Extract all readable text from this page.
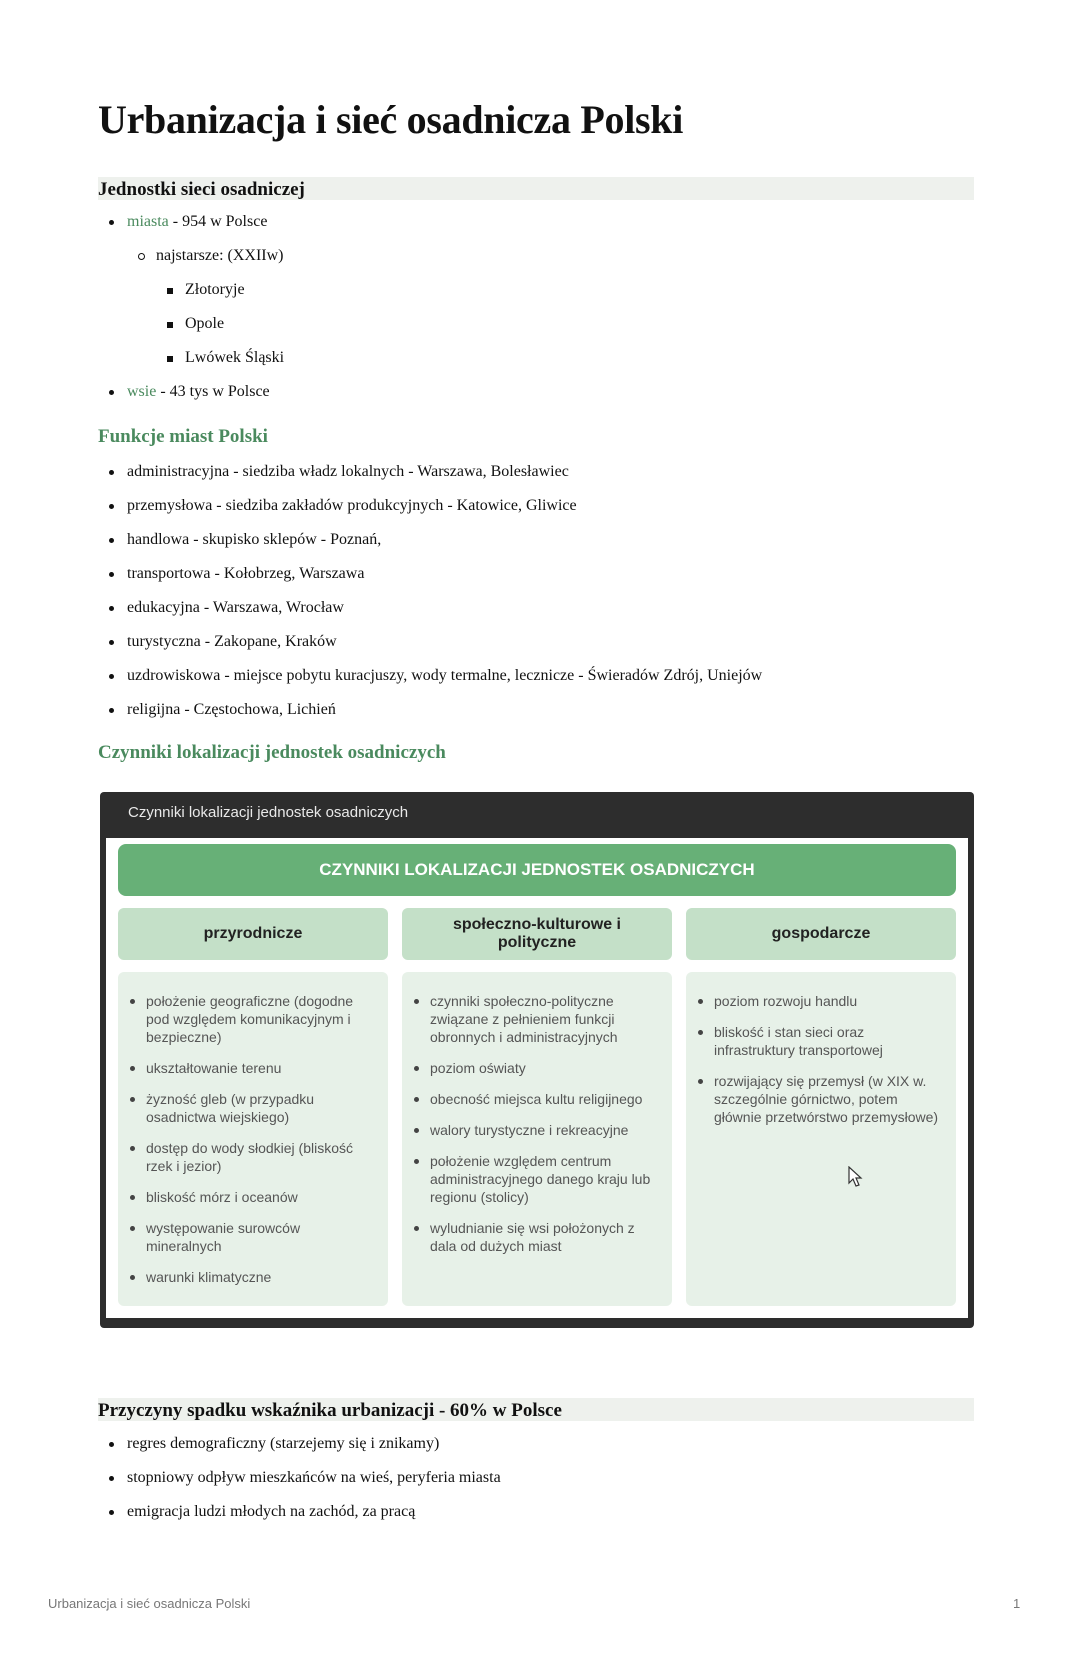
Urbanizacja i sieć osadnicza Polski
Jednostki sieci osadniczej
miasta - 954 w Polsce
najstarsze: (XXIIw)
Złotoryje
Opole
Lwówek Śląski
wsie - 43 tys w Polsce
Funkcje miast Polski
administracyjna - siedziba władz lokalnych - Warszawa, Bolesławiec
przemysłowa - siedziba zakładów produkcyjnych - Katowice, Gliwice
handlowa - skupisko sklepów - Poznań,
transportowa - Kołobrzeg, Warszawa
edukacyjna - Warszawa, Wrocław
turystyczna - Zakopane, Kraków
uzdrowiskowa - miejsce pobytu kuracjuszy, wody termalne, lecznicze - Świeradów Zdrój, Uniejów
religijna - Częstochowa, Lichień
Czynniki lokalizacji jednostek osadniczych
Czynniki lokalizacji jednostek osadniczych
CZYNNIKI LOKALIZACJI JEDNOSTEK OSADNICZYCH
przyrodnicze
społeczno-kulturowe i polityczne
gospodarcze
położenie geograficzne (dogodne pod względem komunikacyjnym i bezpieczne)
ukształtowanie terenu
żyzność gleb (w przypadku osadnictwa wiejskiego)
dostęp do wody słodkiej (bliskość rzek i jezior)
bliskość mórz i oceanów
występowanie surowców mineralnych
warunki klimatyczne
czynniki społeczno-polityczne związane z pełnieniem funkcji obronnych i administracyjnych
poziom oświaty
obecność miejsca kultu religijnego
walory turystyczne i rekreacyjne
położenie względem centrum administracyjnego danego kraju lub regionu (stolicy)
wyludnianie się wsi położonych z dala od dużych miast
poziom rozwoju handlu
bliskość i stan sieci oraz infrastruktury transportowej
rozwijający się przemysł (w XIX w. szczególnie górnictwo, potem głównie przetwórstwo przemysłowe)
Przyczyny spadku wskaźnika urbanizacji - 60% w Polsce
regres demograficzny (starzejemy się i znikamy)
stopniowy odpływ mieszkańców na wieś, peryferia miasta
emigracja ludzi młodych na zachód, za pracą
Urbanizacja i sieć osadnicza Polski	1
